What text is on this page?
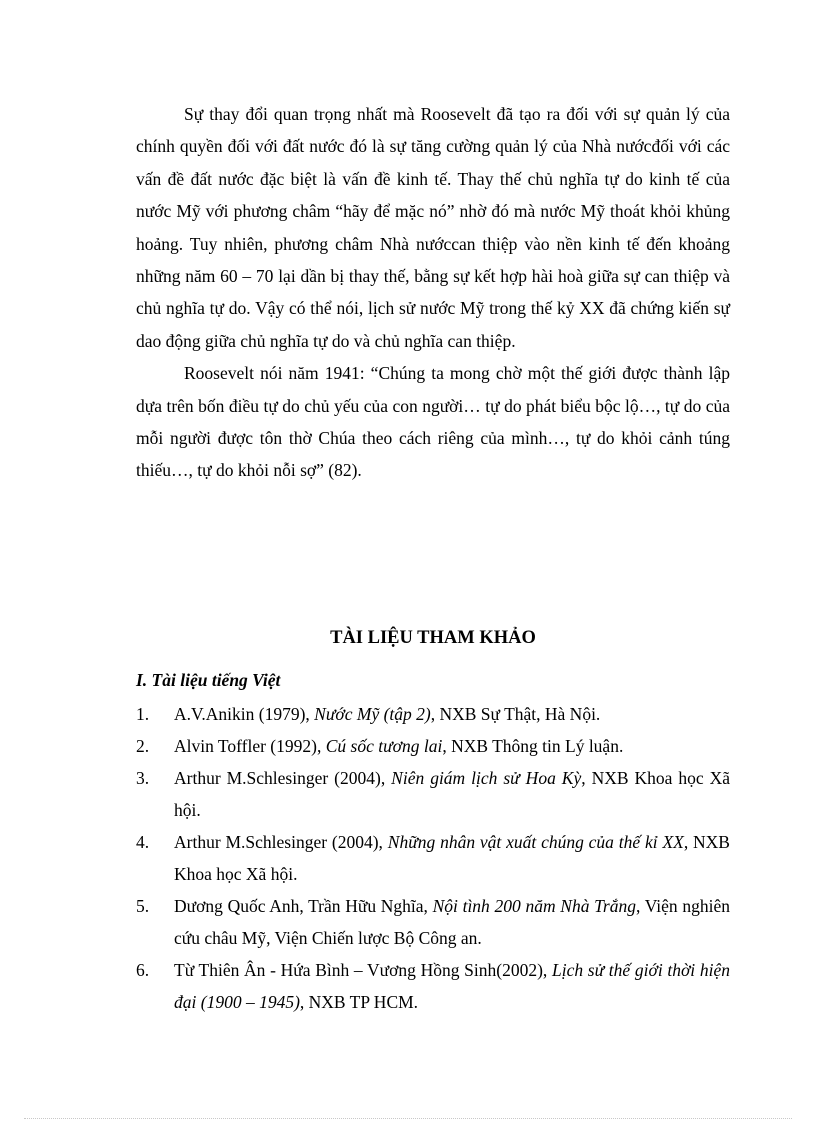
Sự thay đổi quan trọng nhất mà Roosevelt đã tạo ra đối với sự quản lý của chính quyền đối với đất nước đó là sự tăng cường quản lý của Nhà nướcđối với các vấn đề đất nước đặc biệt là vấn đề kinh tế. Thay thế chủ nghĩa tự do kinh tế của nước Mỹ với phương châm “hãy để mặc nó” nhờ đó mà nước Mỹ thoát khỏi khủng hoảng. Tuy nhiên, phương châm Nhà nướccan thiệp vào nền kinh tế đến khoảng những năm 60 – 70 lại dần bị thay thế, bằng sự kết hợp hài hoà giữa sự can thiệp và chủ nghĩa tự do. Vậy có thể nói, lịch sử nước Mỹ trong thế kỷ XX đã chứng kiến sự dao động giữa chủ nghĩa tự do và chủ nghĩa can thiệp.

Roosevelt nói năm 1941: “Chúng ta mong chờ một thế giới được thành lập dựa trên bốn điều tự do chủ yếu của con người… tự do phát biểu bộc lộ…, tự do của mỗi người được tôn thờ Chúa theo cách riêng của mình…, tự do khỏi cảnh túng thiếu…, tự do khỏi nỗi sợ” (82).

TÀI LIỆU THAM KHẢO
I. Tài liệu tiếng Việt
1. A.V.Anikin (1979), Nước Mỹ (tập 2), NXB Sự Thật, Hà Nội.
2. Alvin Toffler (1992), Cú sốc tương lai, NXB Thông tin Lý luận.
3. Arthur M.Schlesinger (2004), Niên giám lịch sử Hoa Kỳ, NXB Khoa học Xã hội.
4. Arthur M.Schlesinger (2004), Những nhân vật xuất chúng của thế kỉ XX, NXB Khoa học Xã hội.
5. Dương Quốc Anh, Trần Hữu Nghĩa, Nội tình 200 năm Nhà Trắng, Viện nghiên cứu châu Mỹ, Viện Chiến lược Bộ Công an.
6. Từ Thiên Ân - Hứa Bình – Vương Hồng Sinh(2002), Lịch sử thế giới thời hiện đại (1900 – 1945), NXB TP HCM.
